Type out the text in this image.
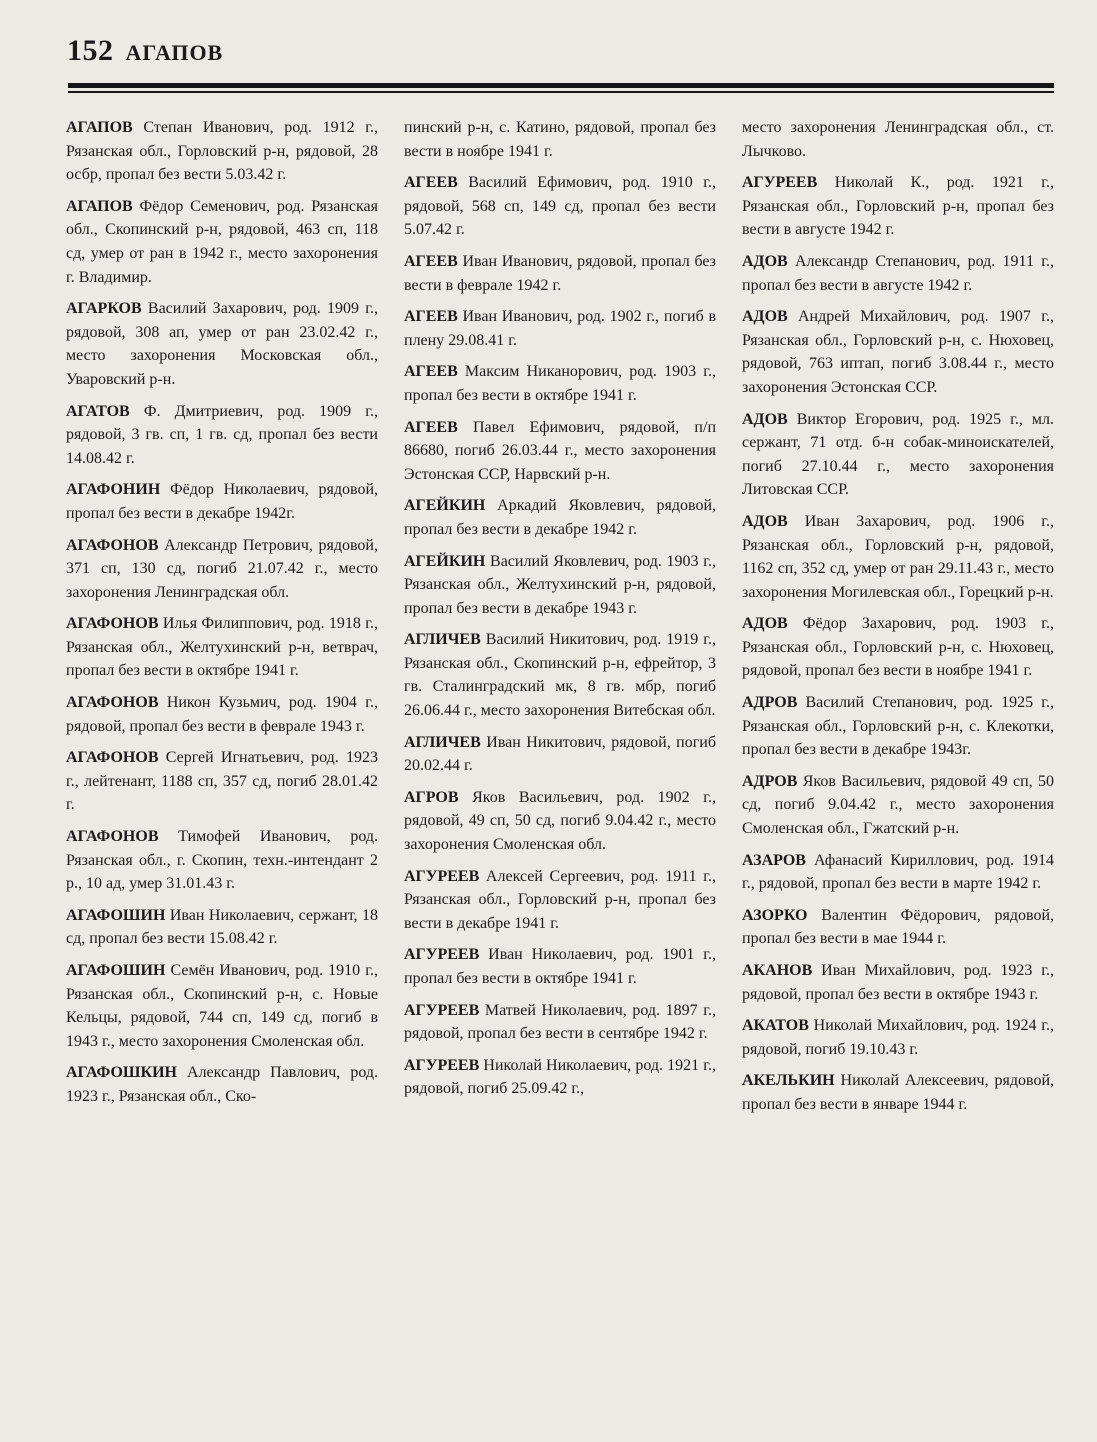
152 АГАПОВ

АГАПОВ Степан Иванович, род. 1912 г., Рязанская обл., Горловский р-н, рядовой, 28 осбр, пропал без вести 5.03.42 г.

АГАПОВ Фёдор Семенович, род. Рязанская обл., Скопинский р-н, рядовой, 463 сп, 118 сд, умер от ран в 1942 г., место захоронения г. Владимир.

АГАРКОВ Василий Захарович, род. 1909 г., рядовой, 308 ап, умер от ран 23.02.42 г., место захоронения Московская обл., Уваровский р-н.

АГАТОВ Ф. Дмитриевич, род. 1909 г., рядовой, 3 гв. сп, 1 гв. сд, пропал без вести 14.08.42 г.

АГАФОНИН Фёдор Николаевич, рядовой, пропал без вести в декабре 1942г.

АГАФОНОВ Александр Петрович, рядовой, 371 сп, 130 сд, погиб 21.07.42 г., место захоронения Ленинградская обл.

АГАФОНОВ Илья Филиппович, род. 1918 г., Рязанская обл., Желтухинский р-н, ветврач, пропал без вести в октябре 1941 г.

АГАФОНОВ Никон Кузьмич, род. 1904 г., рядовой, пропал без вести в феврале 1943 г.

АГАФОНОВ Сергей Игнатьевич, род. 1923 г., лейтенант, 1188 сп, 357 сд, погиб 28.01.42 г.

АГАФОНОВ Тимофей Иванович, род. Рязанская обл., г. Скопин, техн.-интендант 2 р., 10 ад, умер 31.01.43 г.

АГАФОШИН Иван Николаевич, сержант, 18 сд, пропал без вести 15.08.42 г.

АГАФОШИН Семён Иванович, род. 1910 г., Рязанская обл., Скопинский р-н, с. Новые Кельцы, рядовой, 744 сп, 149 сд, погиб в 1943 г., место захоронения Смоленская обл.

АГАФОШКИН Александр Павлович, род. 1923 г., Рязанская обл., Ско-

пинский р-н, с. Катино, рядовой, пропал без вести в ноябре 1941 г.

АГЕЕВ Василий Ефимович, род. 1910 г., рядовой, 568 сп, 149 сд, пропал без вести 5.07.42 г.

АГЕЕВ Иван Иванович, рядовой, пропал без вести в феврале 1942 г.

АГЕЕВ Иван Иванович, род. 1902 г., погиб в плену 29.08.41 г.

АГЕЕВ Максим Никанорович, род. 1903 г., пропал без вести в октябре 1941 г.

АГЕЕВ Павел Ефимович, рядовой, п/п 86680, погиб 26.03.44 г., место захоронения Эстонская ССР, Нарвский р-н.

АГЕЙКИН Аркадий Яковлевич, рядовой, пропал без вести в декабре 1942 г.

АГЕЙКИН Василий Яковлевич, род. 1903 г., Рязанская обл., Желтухинский р-н, рядовой, пропал без вести в декабре 1943 г.

АГЛИЧЕВ Василий Никитович, род. 1919 г., Рязанская обл., Скопинский р-н, ефрейтор, 3 гв. Сталинградский мк, 8 гв. мбр, погиб 26.06.44 г., место захоронения Витебская обл.

АГЛИЧЕВ Иван Никитович, рядовой, погиб 20.02.44 г.

АГРОВ Яков Васильевич, род. 1902 г., рядовой, 49 сп, 50 сд, погиб 9.04.42 г., место захоронения Смоленская обл.

АГУРЕЕВ Алексей Сергеевич, род. 1911 г., Рязанская обл., Горловский р-н, пропал без вести в декабре 1941 г.

АГУРЕЕВ Иван Николаевич, род. 1901 г., пропал без вести в октябре 1941 г.

АГУРЕЕВ Матвей Николаевич, род. 1897 г., рядовой, пропал без вести в сентябре 1942 г.

АГУРЕЕВ Николай Николаевич, род. 1921 г., рядовой, погиб 25.09.42 г.,

место захоронения Ленинградская обл., ст. Лычково.

АГУРЕЕВ Николай К., род. 1921 г., Рязанская обл., Горловский р-н, пропал без вести в августе 1942 г.

АДОВ Александр Степанович, род. 1911 г., пропал без вести в августе 1942 г.

АДОВ Андрей Михайлович, род. 1907 г., Рязанская обл., Горловский р-н, с. Нюховец, рядовой, 763 иптап, погиб 3.08.44 г., место захоронения Эстонская ССР.

АДОВ Виктор Егорович, род. 1925 г., мл. сержант, 71 отд. б-н собак-миноискателей, погиб 27.10.44 г., место захоронения Литовская ССР.

АДОВ Иван Захарович, род. 1906 г., Рязанская обл., Горловский р-н, рядовой, 1162 сп, 352 сд, умер от ран 29.11.43 г., место захоронения Могилевская обл., Горецкий р-н.

АДОВ Фёдор Захарович, род. 1903 г., Рязанская обл., Горловский р-н, с. Нюховец, рядовой, пропал без вести в ноябре 1941 г.

АДРОВ Василий Степанович, род. 1925 г., Рязанская обл., Горловский р-н, с. Клекотки, пропал без вести в декабре 1943г.

АДРОВ Яков Васильевич, рядовой 49 сп, 50 сд, погиб 9.04.42 г., место захоронения Смоленская обл., Гжатский р-н.

АЗАРОВ Афанасий Кириллович, род. 1914 г., рядовой, пропал без вести в марте 1942 г.

АЗОРКО Валентин Фёдорович, рядовой, пропал без вести в мае 1944 г.

АКАНОВ Иван Михайлович, род. 1923 г., рядовой, пропал без вести в октябре 1943 г.

АКАТОВ Николай Михайлович, род. 1924 г., рядовой, погиб 19.10.43 г.

АКЕЛЬКИН Николай Алексеевич, рядовой, пропал без вести в январе 1944 г.
